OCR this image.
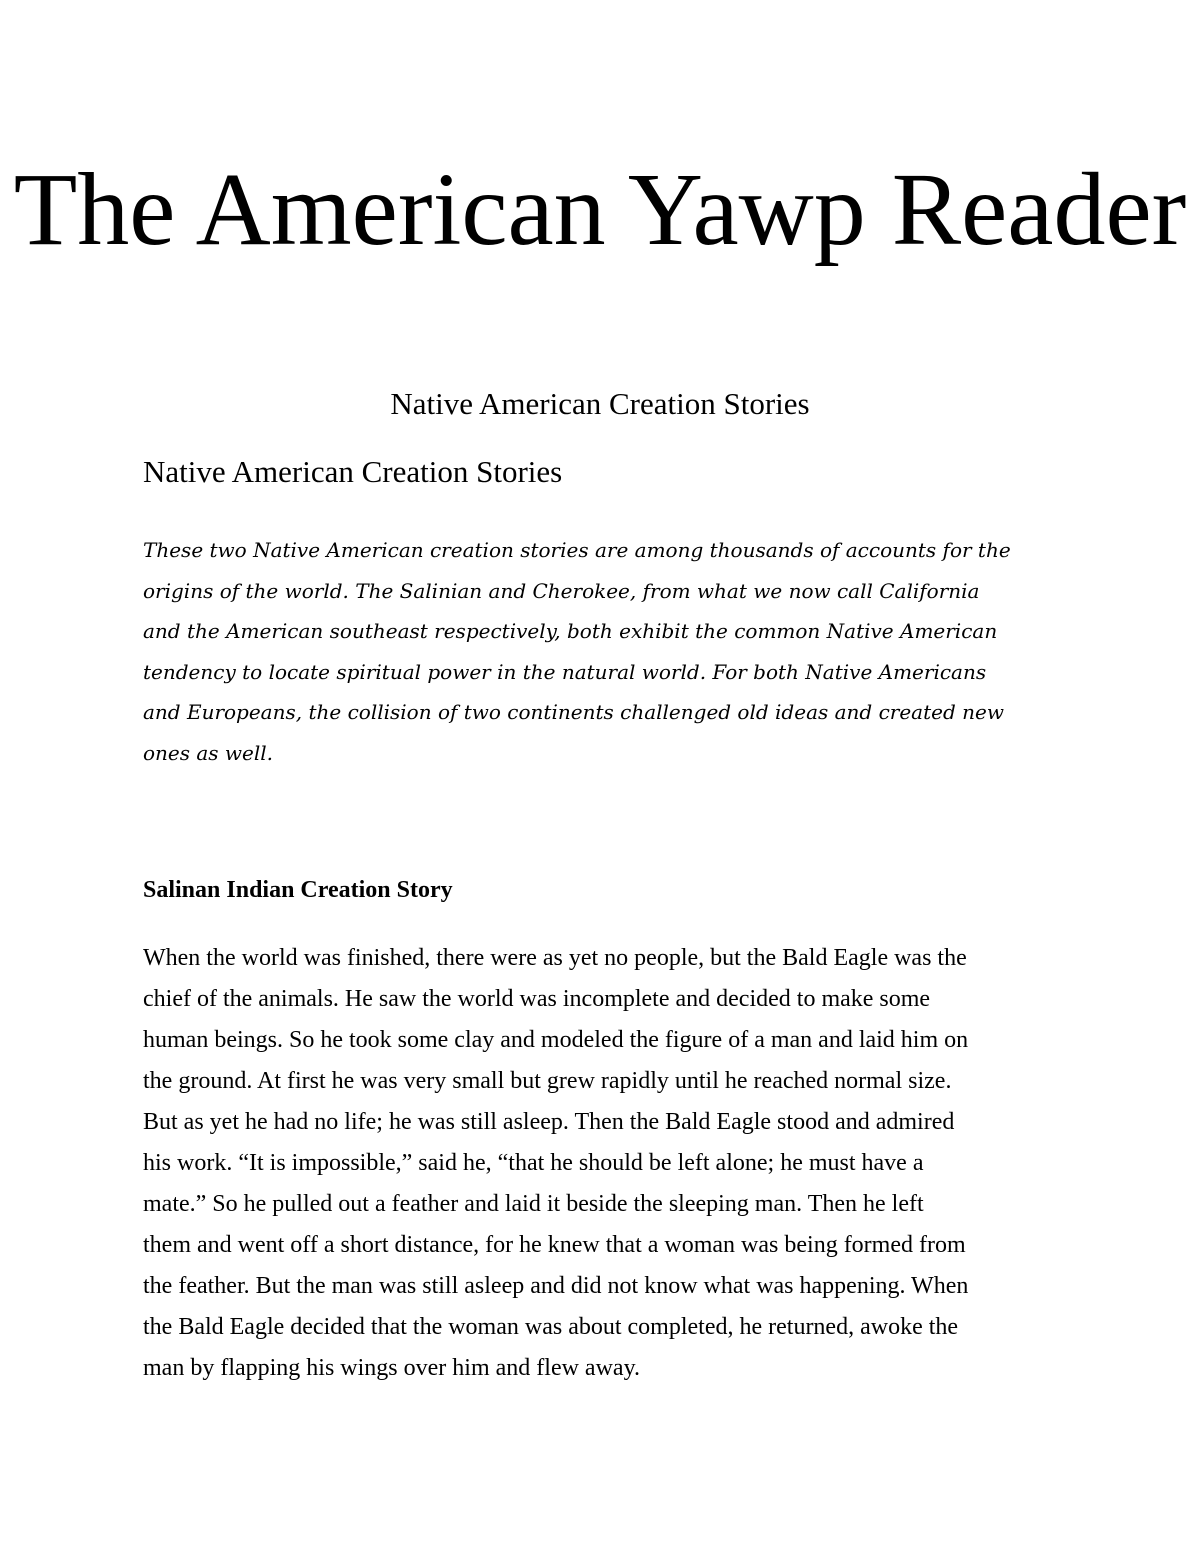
The American Yawp Reader
Native American Creation Stories
Native American Creation Stories
These two Native American creation stories are among thousands of accounts for the
origins of the world. The Salinian and Cherokee, from what we now call California
and the American southeast respectively, both exhibit the common Native American
tendency to locate spiritual power in the natural world. For both Native Americans
and Europeans, the collision of two continents challenged old ideas and created new
ones as well.
Salinan Indian Creation Story
When the world was finished, there were as yet no people, but the Bald Eagle was the
chief of the animals. He saw the world was incomplete and decided to make some
human beings. So he took some clay and modeled the figure of a man and laid him on
the ground. At first he was very small but grew rapidly until he reached normal size.
But as yet he had no life; he was still asleep. Then the Bald Eagle stood and admired
his work. “It is impossible,” said he, “that he should be left alone; he must have a
mate.” So he pulled out a feather and laid it beside the sleeping man. Then he left
them and went off a short distance, for he knew that a woman was being formed from
the feather. But the man was still asleep and did not know what was happening. When
the Bald Eagle decided that the woman was about completed, he returned, awoke the
man by flapping his wings over him and flew away.
